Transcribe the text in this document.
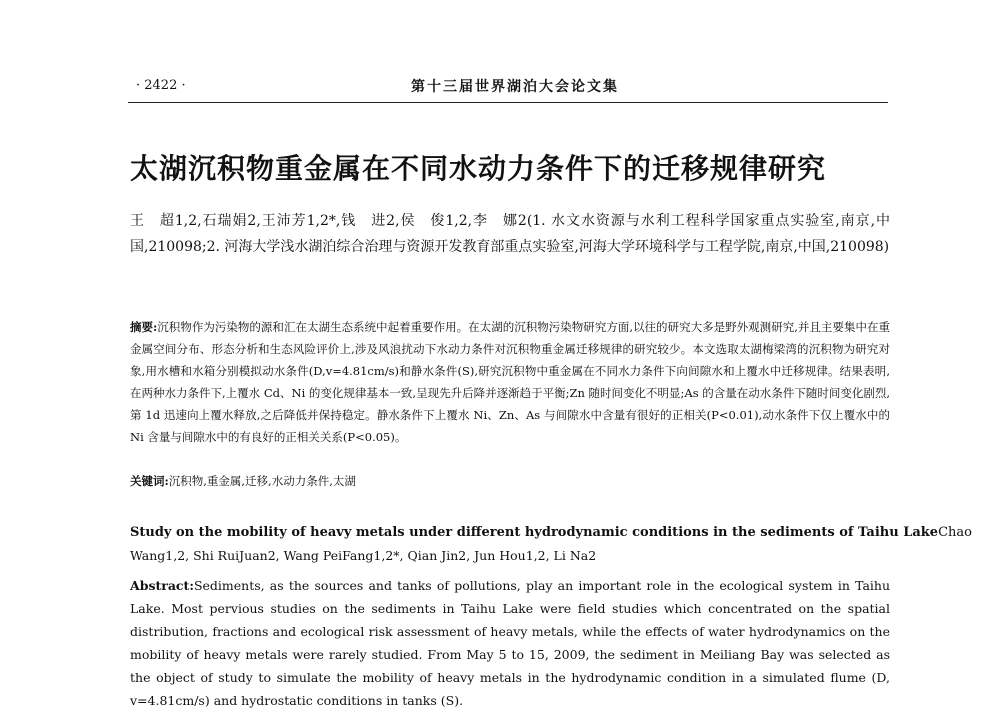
· 2422 ·	第十三届世界湖泊大会论文集
太湖沉积物重金属在不同水动力条件下的迁移规律研究
王　超1,2,石瑞娟2,王沛芳1,2*,钱　进2,侯　俊1,2,李　娜2(1. 水文水资源与水利工程科学国家重点实验室,南京,中国,210098;2. 河海大学浅水湖泊综合治理与资源开发教育部重点实验室,河海大学环境科学与工程学院,南京,中国,210098)
摘要:沉积物作为污染物的源和汇在太湖生态系统中起着重要作用。在太湖的沉积物污染物研究方面,以往的研究大多是野外观测研究,并且主要集中在重金属空间分布、形态分析和生态风险评价上,涉及风浪扰动下水动力条件对沉积物重金属迁移规律的研究较少。本文选取太湖梅梁湾的沉积物为研究对象,用水槽和水箱分别模拟动水条件(D,v=4.81cm/s)和静水条件(S),研究沉积物中重金属在不同水力条件下向间隙水和上覆水中迁移规律。结果表明,在两种水力条件下,上覆水 Cd、Ni 的变化规律基本一致,呈现先升后降并逐渐趋于平衡;Zn 随时间变化不明显;As 的含量在动水条件下随时间变化剧烈,第 1d 迅速向上覆水释放,之后降低并保持稳定。静水条件下上覆水 Ni、Zn、As 与间隙水中含量有很好的正相关(P<0.01),动水条件下仅上覆水中的 Ni 含量与间隙水中的有良好的正相关关系(P<0.05)。
关键词:沉积物,重金属,迁移,水动力条件,太湖
Study on the mobility of heavy metals under different hydrodynamic conditions in the sediments of Taihu LakeChao
Wang1,2, Shi RuiJuan2, Wang PeiFang1,2*, Qian Jin2, Jun Hou1,2, Li Na2
Abstract:Sediments, as the sources and tanks of pollutions, play an important role in the ecological system in Taihu Lake. Most pervious studies on the sediments in Taihu Lake were field studies which concentrated on the spatial distribution, fractions and ecological risk assessment of heavy metals, while the effects of water hydrodynamics on the mobility of heavy metals were rarely studied. From May 5 to 15, 2009, the sediment in Meiliang Bay was selected as the object of study to simulate the mobility of heavy metals in the hydrodynamic condition in a simulated flume (D, v=4.81cm/s) and hydrostatic conditions in tanks (S).
